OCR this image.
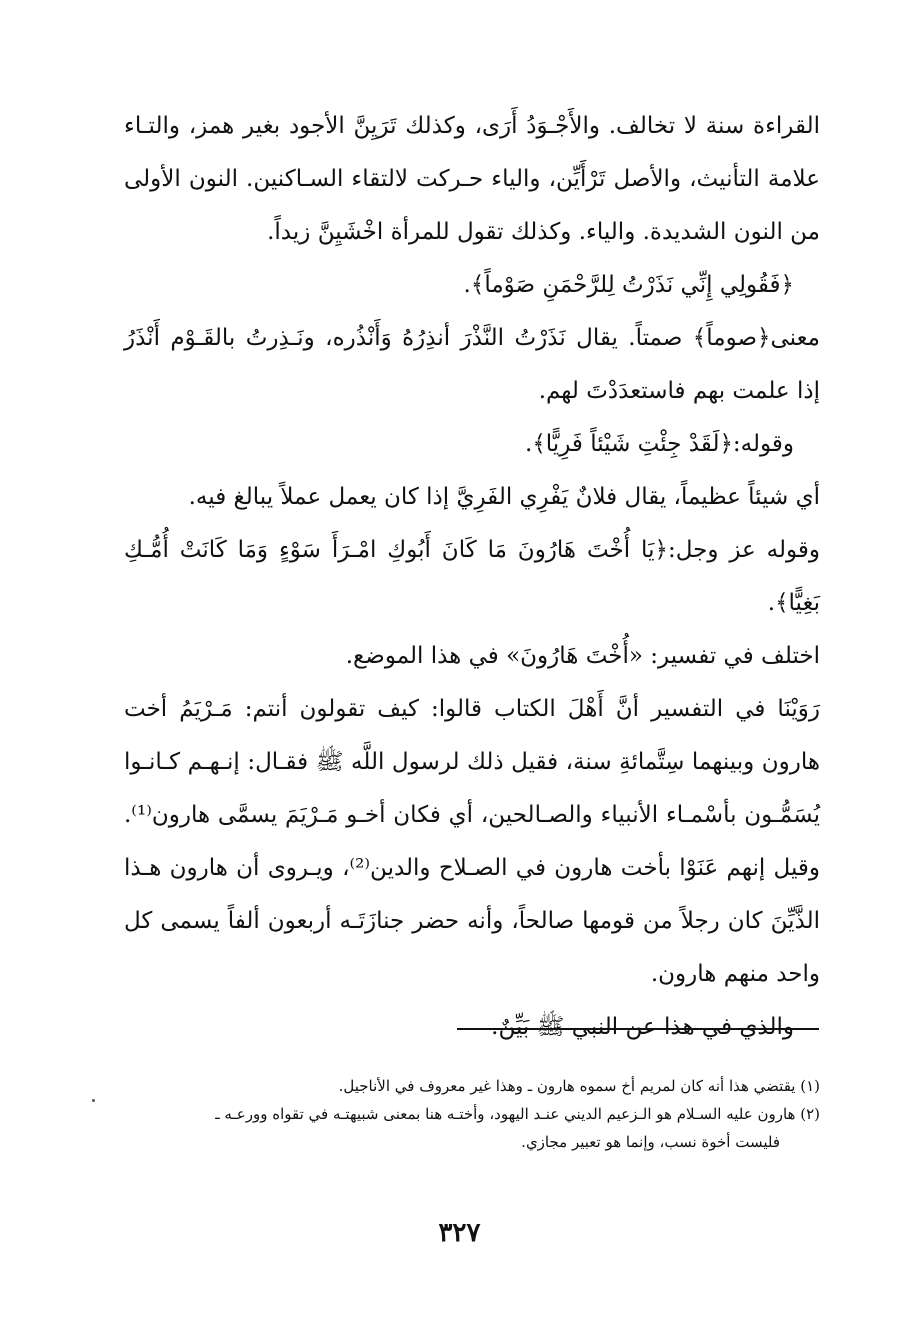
القراءة سنة لا تخالف. والأَجْـوَدُ أَرَى، وكذلك تَرَيِنَّ الأجود بغير همز، والتـاء علامة التأنيث، والأصل تَرْأَيِّن، والياء حـركت لالتقاء السـاكنين. النون الأولى من النون الشديدة. والياء. وكذلك تقول للمرأة اخْشَيِنَّ زيداً.

﴿فَقُولِي إِنِّي نَذَرْتُ لِلرَّحْمَنِ صَوْماً﴾.

معنى﴿صوماً﴾ صمتاً. يقال نَذَرْتُ النَّذْرَ أنذِرُهُ وَأَنْذُره، ونَـذِرتُ بالقَـوْم أَنْذَرُ إذا علمت بهم فاستعدَدْتَ لهم.

وقوله:﴿لَقَدْ جِئْتِ شَيْئاً فَرِيًّا﴾.

أي شيئاً عظيماً، يقال فلانٌ يَفْرِي الفَرِيَّ إذا كان يعمل عملاً يبالغ فيه.

وقوله عز وجل:﴿يَا أُخْتَ هَارُونَ مَا كَانَ أَبُوكِ امْـرَأَ سَوْءٍ وَمَا كَانَتْ أُمُّـكِ بَغِيًّا﴾.

اختلف في تفسير: «أُخْتَ هَارُونَ» في هذا الموضع.

رَوَيْنَا في التفسير أنَّ أَهْلَ الكتاب قالوا: كيف تقولون أنتم: مَـرْيَمُ أخت هارون وبينهما سِتَّمائةِ سنة، فقيل ذلك لرسول اللَّه ﷺ فقـال: إنـهـم كـانـوا يُسَمُّـون بأسْمـاء الأنبياء والصـالحين، أي فكان أخـو مَـرْيَمَ يسمَّى هارون⁽¹⁾. وقيل إنهم عَنَوْا بأخت هارون في الصـلاح والدين⁽²⁾، ويـروى أن هارون هـذا الذَّيِّنَ كان رجلاً من قومها صالحاً، وأنه حضر جنازَتَـه أربعون ألفاً يسمى كل واحد منهم هارون.

والذي في هذا عن النبي ﷺ بَيِّنٌ.

(١) يقتضي هذا أنه كان لمريم أخ سموه هارون ـ وهذا غير معروف في الأناجيل.

(٢) هارون عليه السـلام هو الـزعيم الديني عنـد اليهود، وأختـه هنا بمعنى شبيهتـه في تقواه وورعـه ـ

فليست أخوة نسب، وإنما هو تعبير مجازي.

٣٢٧
